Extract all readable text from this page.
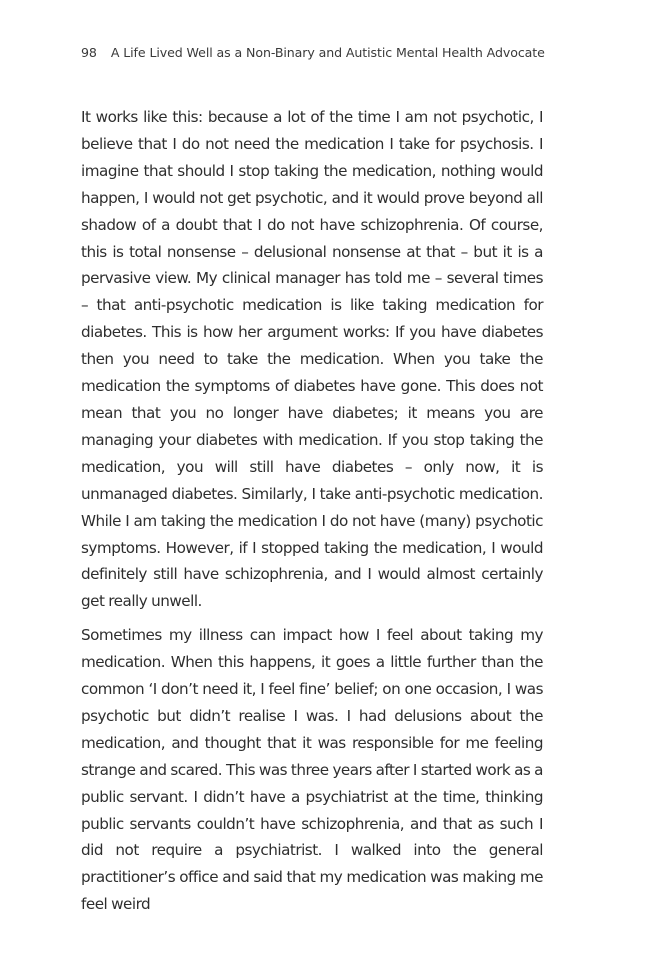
98 A Life Lived Well as a Non-Binary and Autistic Mental Health Advocate

It works like this: because a lot of the time I am not psychotic, I believe that I do not need the medication I take for psychosis. I imagine that should I stop taking the medication, nothing would happen, I would not get psychotic, and it would prove beyond all shadow of a doubt that I do not have schizophrenia. Of course, this is total nonsense – delusional nonsense at that – but it is a pervasive view. My clinical manager has told me – several times – that anti-psychotic medication is like taking medication for diabetes. This is how her argument works: If you have diabetes then you need to take the medication. When you take the medication the symptoms of diabetes have gone. This does not mean that you no longer have diabetes; it means you are managing your diabetes with medication. If you stop taking the medication, you will still have diabetes – only now, it is unmanaged diabetes. Similarly, I take anti-psychotic medication. While I am taking the medication I do not have (many) psychotic symptoms. However, if I stopped taking the medication, I would definitely still have schizophrenia, and I would almost certainly get really unwell.

Sometimes my illness can impact how I feel about taking my medication. When this happens, it goes a little further than the common ‘I don’t need it, I feel fine’ belief; on one occasion, I was psychotic but didn’t realise I was. I had delusions about the medication, and thought that it was responsible for me feeling strange and scared. This was three years after I started work as a public servant. I didn’t have a psychiatrist at the time, thinking public servants couldn’t have schizophrenia, and that as such I did not require a psychiatrist. I walked into the general practitioner’s office and said that my medication was making me feel weird
